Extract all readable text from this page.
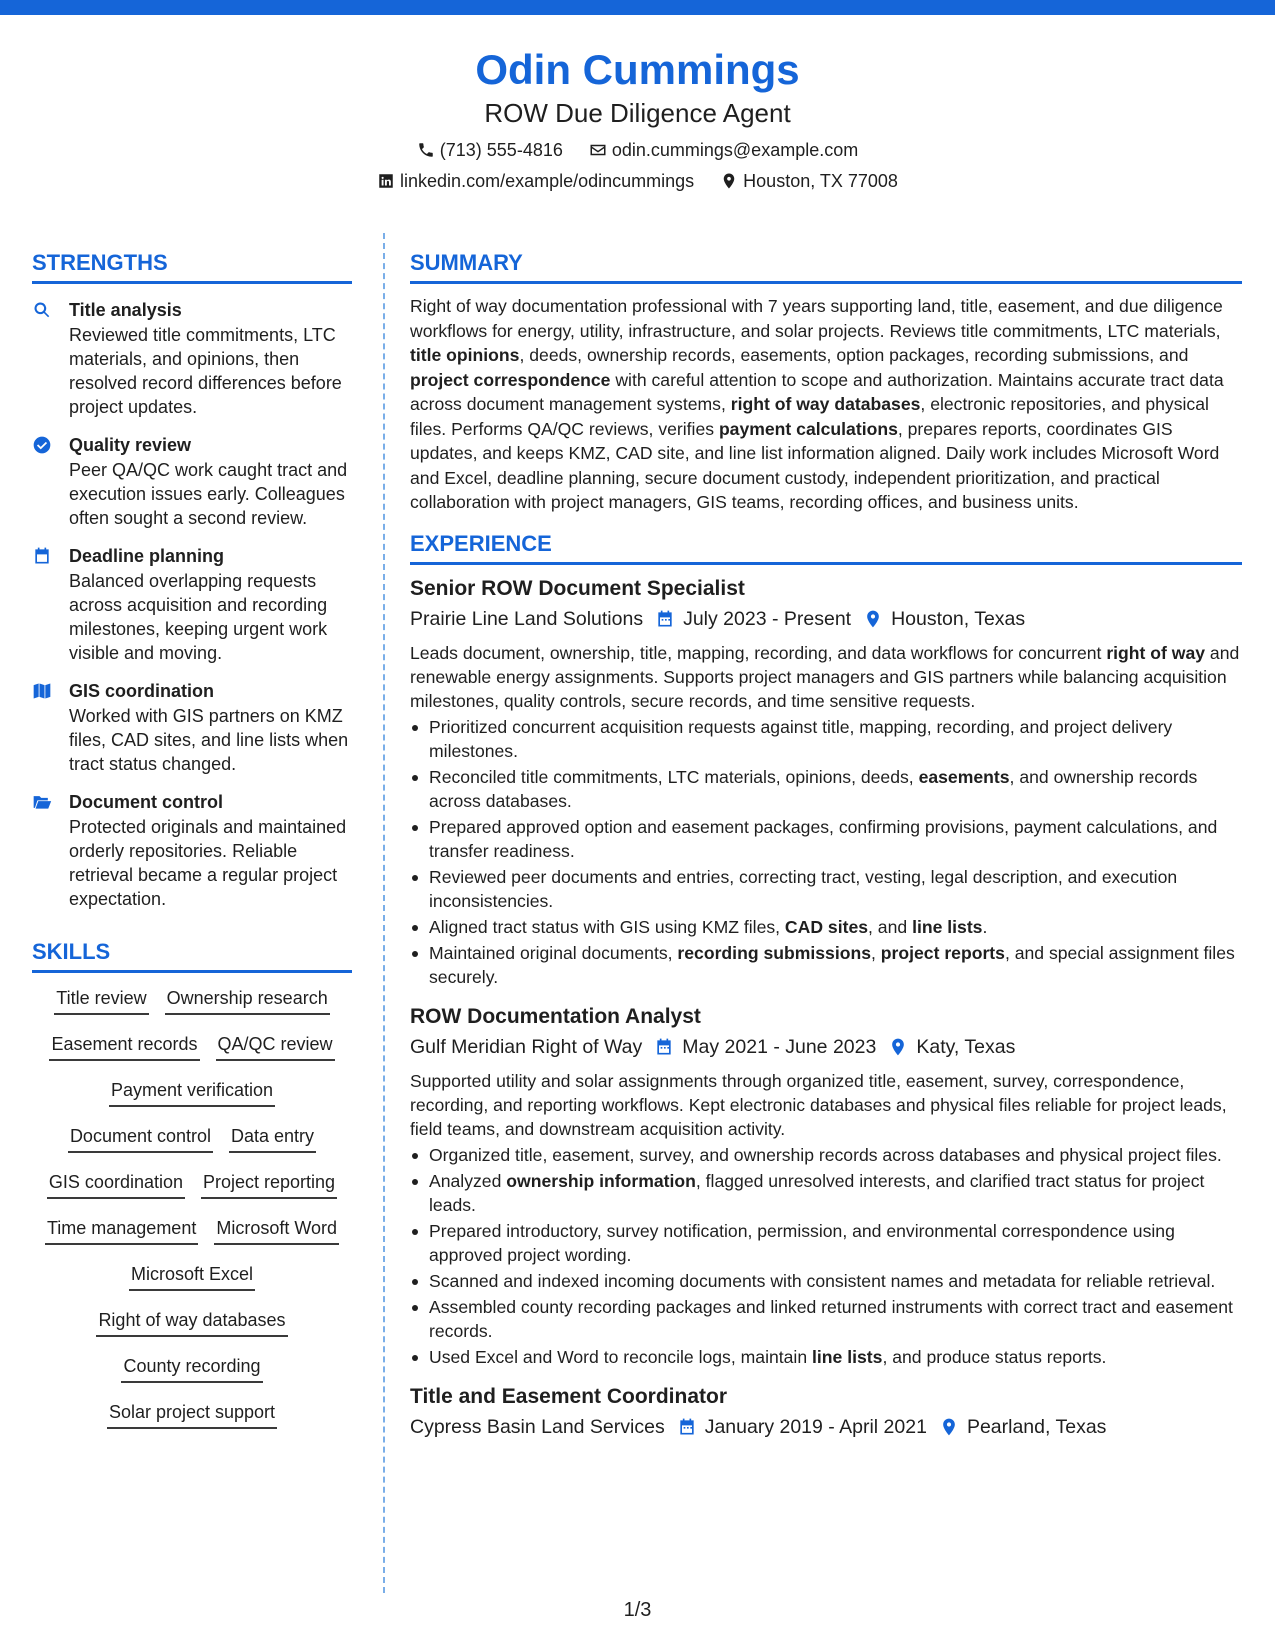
Odin Cummings
ROW Due Diligence Agent
(713) 555-4816	odin.cummings@example.com
linkedin.com/example/odincummings	Houston, TX 77008
STRENGTHS
Title analysis
Reviewed title commitments, LTC materials, and opinions, then resolved record differences before project updates.
Quality review
Peer QA/QC work caught tract and execution issues early. Colleagues often sought a second review.
Deadline planning
Balanced overlapping requests across acquisition and recording milestones, keeping urgent work visible and moving.
GIS coordination
Worked with GIS partners on KMZ files, CAD sites, and line lists when tract status changed.
Document control
Protected originals and maintained orderly repositories. Reliable retrieval became a regular project expectation.
SKILLS
Title review Ownership research
Easement records QA/QC review
Payment verification
Document control Data entry
GIS coordination Project reporting
Time management Microsoft Word
Microsoft Excel
Right of way databases
County recording
Solar project support
SUMMARY
Right of way documentation professional with 7 years supporting land, title, easement, and due diligence workflows for energy, utility, infrastructure, and solar projects. Reviews title commitments, LTC materials, title opinions, deeds, ownership records, easements, option packages, recording submissions, and project correspondence with careful attention to scope and authorization. Maintains accurate tract data across document management systems, right of way databases, electronic repositories, and physical files. Performs QA/QC reviews, verifies payment calculations, prepares reports, coordinates GIS updates, and keeps KMZ, CAD site, and line list information aligned. Daily work includes Microsoft Word and Excel, deadline planning, secure document custody, independent prioritization, and practical collaboration with project managers, GIS teams, recording offices, and business units.
EXPERIENCE
Senior ROW Document Specialist
Prairie Line Land Solutions July 2023 - Present Houston, Texas
Leads document, ownership, title, mapping, recording, and data workflows for concurrent right of way and renewable energy assignments. Supports project managers and GIS partners while balancing acquisition milestones, quality controls, secure records, and time sensitive requests.
Prioritized concurrent acquisition requests against title, mapping, recording, and project delivery milestones.
Reconciled title commitments, LTC materials, opinions, deeds, easements, and ownership records across databases.
Prepared approved option and easement packages, confirming provisions, payment calculations, and transfer readiness.
Reviewed peer documents and entries, correcting tract, vesting, legal description, and execution inconsistencies.
Aligned tract status with GIS using KMZ files, CAD sites, and line lists.
Maintained original documents, recording submissions, project reports, and special assignment files securely.
ROW Documentation Analyst
Gulf Meridian Right of Way May 2021 - June 2023 Katy, Texas
Supported utility and solar assignments through organized title, easement, survey, correspondence, recording, and reporting workflows. Kept electronic databases and physical files reliable for project leads, field teams, and downstream acquisition activity.
Organized title, easement, survey, and ownership records across databases and physical project files.
Analyzed ownership information, flagged unresolved interests, and clarified tract status for project leads.
Prepared introductory, survey notification, permission, and environmental correspondence using approved project wording.
Scanned and indexed incoming documents with consistent names and metadata for reliable retrieval.
Assembled county recording packages and linked returned instruments with correct tract and easement records.
Used Excel and Word to reconcile logs, maintain line lists, and produce status reports.
Title and Easement Coordinator
Cypress Basin Land Services January 2019 - April 2021 Pearland, Texas
1/3
